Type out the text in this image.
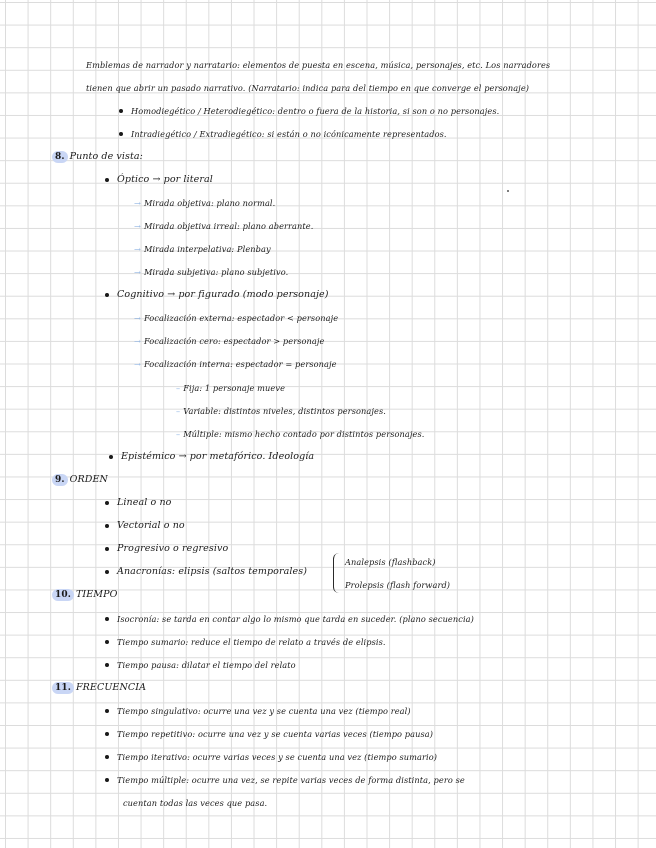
Emblemas de narrador y narratario: elementos de puesta en escena, música, personajes, etc. Los narradores
tienen que abrir un pasado narrativo. (Narratario: indica para del tiempo en que converge el personaje)
Homodiegético / Heterodiegético: dentro o fuera de la historia, si son o no personajes.
Intradiegético / Extradiegético: si están o no icónicamente representados.
8. Punto de vista:
Óptico → por literal
→ Mirada objetiva: plano normal.
→ Mirada objetiva irreal: plano aberrante.
→ Mirada interpelativa: Plenbay
→ Mirada subjetiva: plano subjetivo.
Cognitivo → por figurado (modo personaje)
→ Focalización externa: espectador < personaje
→ Focalización cero: espectador > personaje
→ Focalización interna: espectador = personaje
– Fija: 1 personaje mueve
– Variable: distintos niveles, distintos personajes.
– Múltiple: mismo hecho contado por distintos personajes.
Epistémico → por metafórico. Ideología
9. ORDEN
Lineal o no
Vectorial o no
Progresivo o regresivo
Anacronías: elipsis (saltos temporales)
Analepsis (flashback)
Prolepsis (flash forward)
10. TIEMPO
Isocronía: se tarda en contar algo lo mismo que tarda en suceder. (plano secuencia)
Tiempo sumario: reduce el tiempo de relato a través de elipsis.
Tiempo pausa: dilatar el tiempo del relato
11. FRECUENCIA
Tiempo singulativo: ocurre una vez y se cuenta una vez (tiempo real)
Tiempo repetitivo: ocurre una vez y se cuenta varias veces (tiempo pausa)
Tiempo iterativo: ocurre varias veces y se cuenta una vez (tiempo sumario)
Tiempo múltiple: ocurre una vez, se repite varias veces de forma distinta, pero se
cuentan todas las veces que pasa.
